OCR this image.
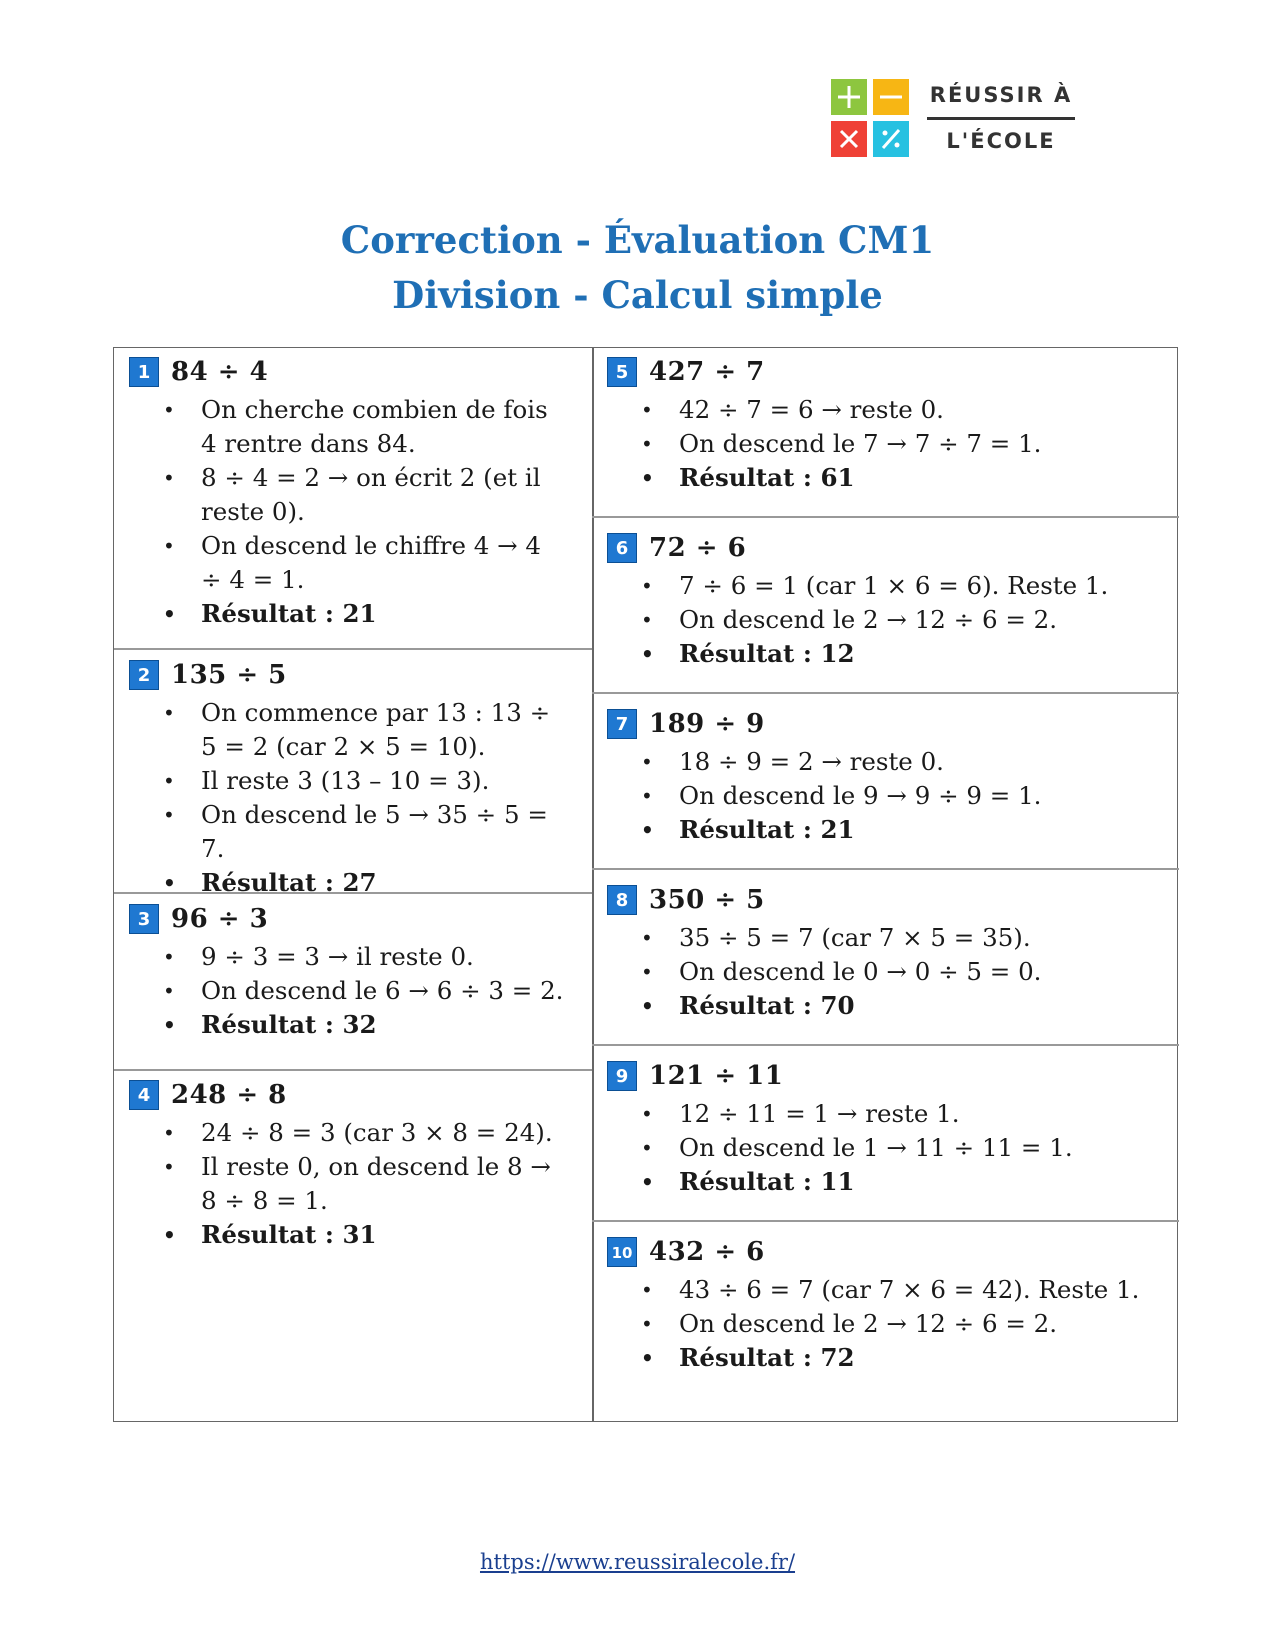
RÉUSSIR À
L'ÉCOLE
Correction - Évaluation CM1
Division - Calcul simple
1 84 ÷ 4
• On cherche combien de fois 4 rentre dans 84.
• 8 ÷ 4 = 2 → on écrit 2 (et il reste 0).
• On descend le chiffre 4 → 4 ÷ 4 = 1.
• Résultat : 21
2 135 ÷ 5
• On commence par 13 : 13 ÷ 5 = 2 (car 2 × 5 = 10).
• Il reste 3 (13 – 10 = 3).
• On descend le 5 → 35 ÷ 5 = 7.
• Résultat : 27
3 96 ÷ 3
• 9 ÷ 3 = 3 → il reste 0.
• On descend le 6 → 6 ÷ 3 = 2.
• Résultat : 32
4 248 ÷ 8
• 24 ÷ 8 = 3 (car 3 × 8 = 24).
• Il reste 0, on descend le 8 → 8 ÷ 8 = 1.
• Résultat : 31
5 427 ÷ 7
• 42 ÷ 7 = 6 → reste 0.
• On descend le 7 → 7 ÷ 7 = 1.
• Résultat : 61
6 72 ÷ 6
• 7 ÷ 6 = 1 (car 1 × 6 = 6). Reste 1.
• On descend le 2 → 12 ÷ 6 = 2.
• Résultat : 12
7 189 ÷ 9
• 18 ÷ 9 = 2 → reste 0.
• On descend le 9 → 9 ÷ 9 = 1.
• Résultat : 21
8 350 ÷ 5
• 35 ÷ 5 = 7 (car 7 × 5 = 35).
• On descend le 0 → 0 ÷ 5 = 0.
• Résultat : 70
9 121 ÷ 11
• 12 ÷ 11 = 1 → reste 1.
• On descend le 1 → 11 ÷ 11 = 1.
• Résultat : 11
10 432 ÷ 6
• 43 ÷ 6 = 7 (car 7 × 6 = 42). Reste 1.
• On descend le 2 → 12 ÷ 6 = 2.
• Résultat : 72
https://www.reussiralecole.fr/
